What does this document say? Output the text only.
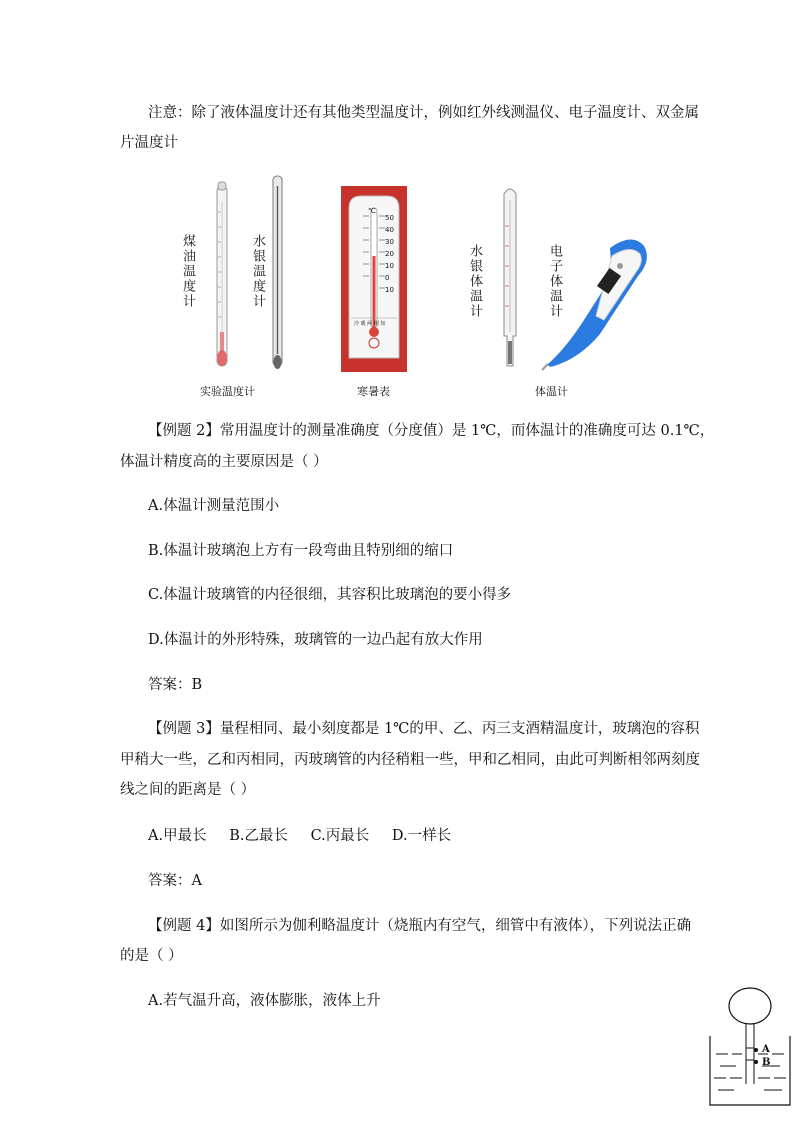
注意：除了液体温度计还有其他类型温度计，例如红外线测温仪、电子温度计、双金属
片温度计
煤油温度计	水银温度计
实验温度计
℃
50
40
30
20
10
0
10
冷 暖 两 相 知
寒暑表
水银体温计	电子体温计
体温计
【例题 2】常用温度计的测量准确度（分度值）是 1℃，而体温计的准确度可达 0.1℃，
体温计精度高的主要原因是（ ）
A.体温计测量范围小
B.体温计玻璃泡上方有一段弯曲且特别细的缩口
C.体温计玻璃管的内径很细，其容积比玻璃泡的要小得多
D.体温计的外形特殊，玻璃管的一边凸起有放大作用
答案：B
【例题 3】量程相同、最小刻度都是 1℃的甲、乙、丙三支酒精温度计，玻璃泡的容积
甲稍大一些，乙和丙相同，丙玻璃管的内径稍粗一些，甲和乙相同，由此可判断相邻两刻度
线之间的距离是（ ）
A.甲最长 B.乙最长 C.丙最长 D.一样长
答案：A
【例题 4】如图所示为伽利略温度计（烧瓶内有空气，细管中有液体），下列说法正确
的是（ ）
A.若气温升高，液体膨胀，液体上升
A
B
